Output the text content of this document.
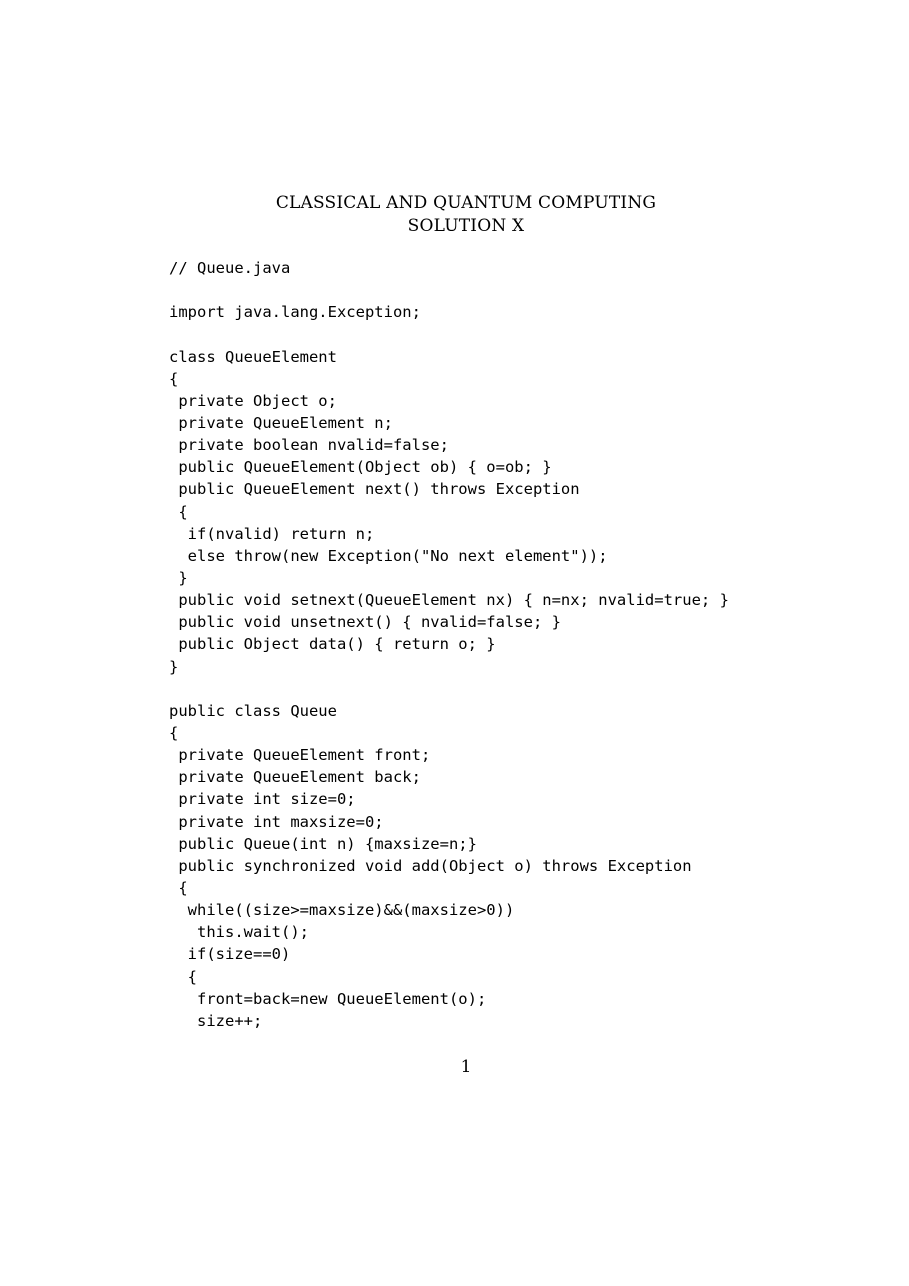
CLASSICAL AND QUANTUM COMPUTING
SOLUTION X
// Queue.java
import java.lang.Exception;
class QueueElement
{
private Object o;
private QueueElement n;
private boolean nvalid=false;
public QueueElement(Object ob) { o=ob; }
public QueueElement next() throws Exception
{
if(nvalid) return n;
else throw(new Exception("No next element"));
}
public void setnext(QueueElement nx) { n=nx; nvalid=true; }
public void unsetnext() { nvalid=false; }
public Object data() { return o; }
}
public class Queue
{
private QueueElement front;
private QueueElement back;
private int size=0;
private int maxsize=0;
public Queue(int n) {maxsize=n;}
public synchronized void add(Object o) throws Exception
{
while((size>=maxsize)&&(maxsize>0))
this.wait();
if(size==0)
{
front=back=new QueueElement(o);
size++;
1
